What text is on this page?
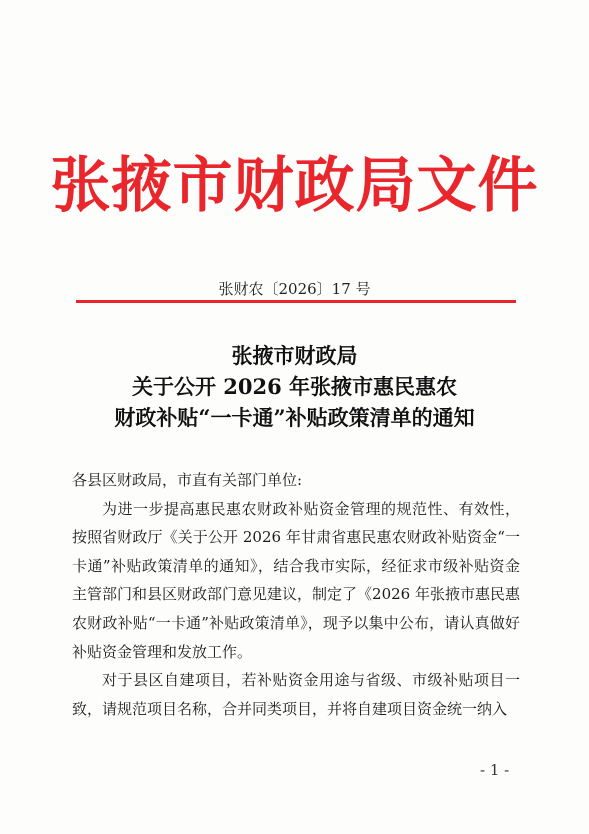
张掖市财政局文件
张财农〔2026〕17 号
张掖市财政局
关于公开 2026 年张掖市惠民惠农
财政补贴“一卡通”补贴政策清单的通知

各县区财政局，市直有关部门单位:

为进一步提高惠民惠农财政补贴资金管理的规范性、有效性，按照省财政厅《关于公开 2026 年甘肃省惠民惠农财政补贴资金“一卡通”补贴政策清单的通知》，结合我市实际，经征求市级补贴资金主管部门和县区财政部门意见建议，制定了《2026 年张掖市惠民惠农财政补贴“一卡通”补贴政策清单》，现予以集中公布，请认真做好补贴资金管理和发放工作。

对于县区自建项目，若补贴资金用途与省级、市级补贴项目一致，请规范项目名称，合并同类项目，并将自建项目资金统一纳入

- 1 -
